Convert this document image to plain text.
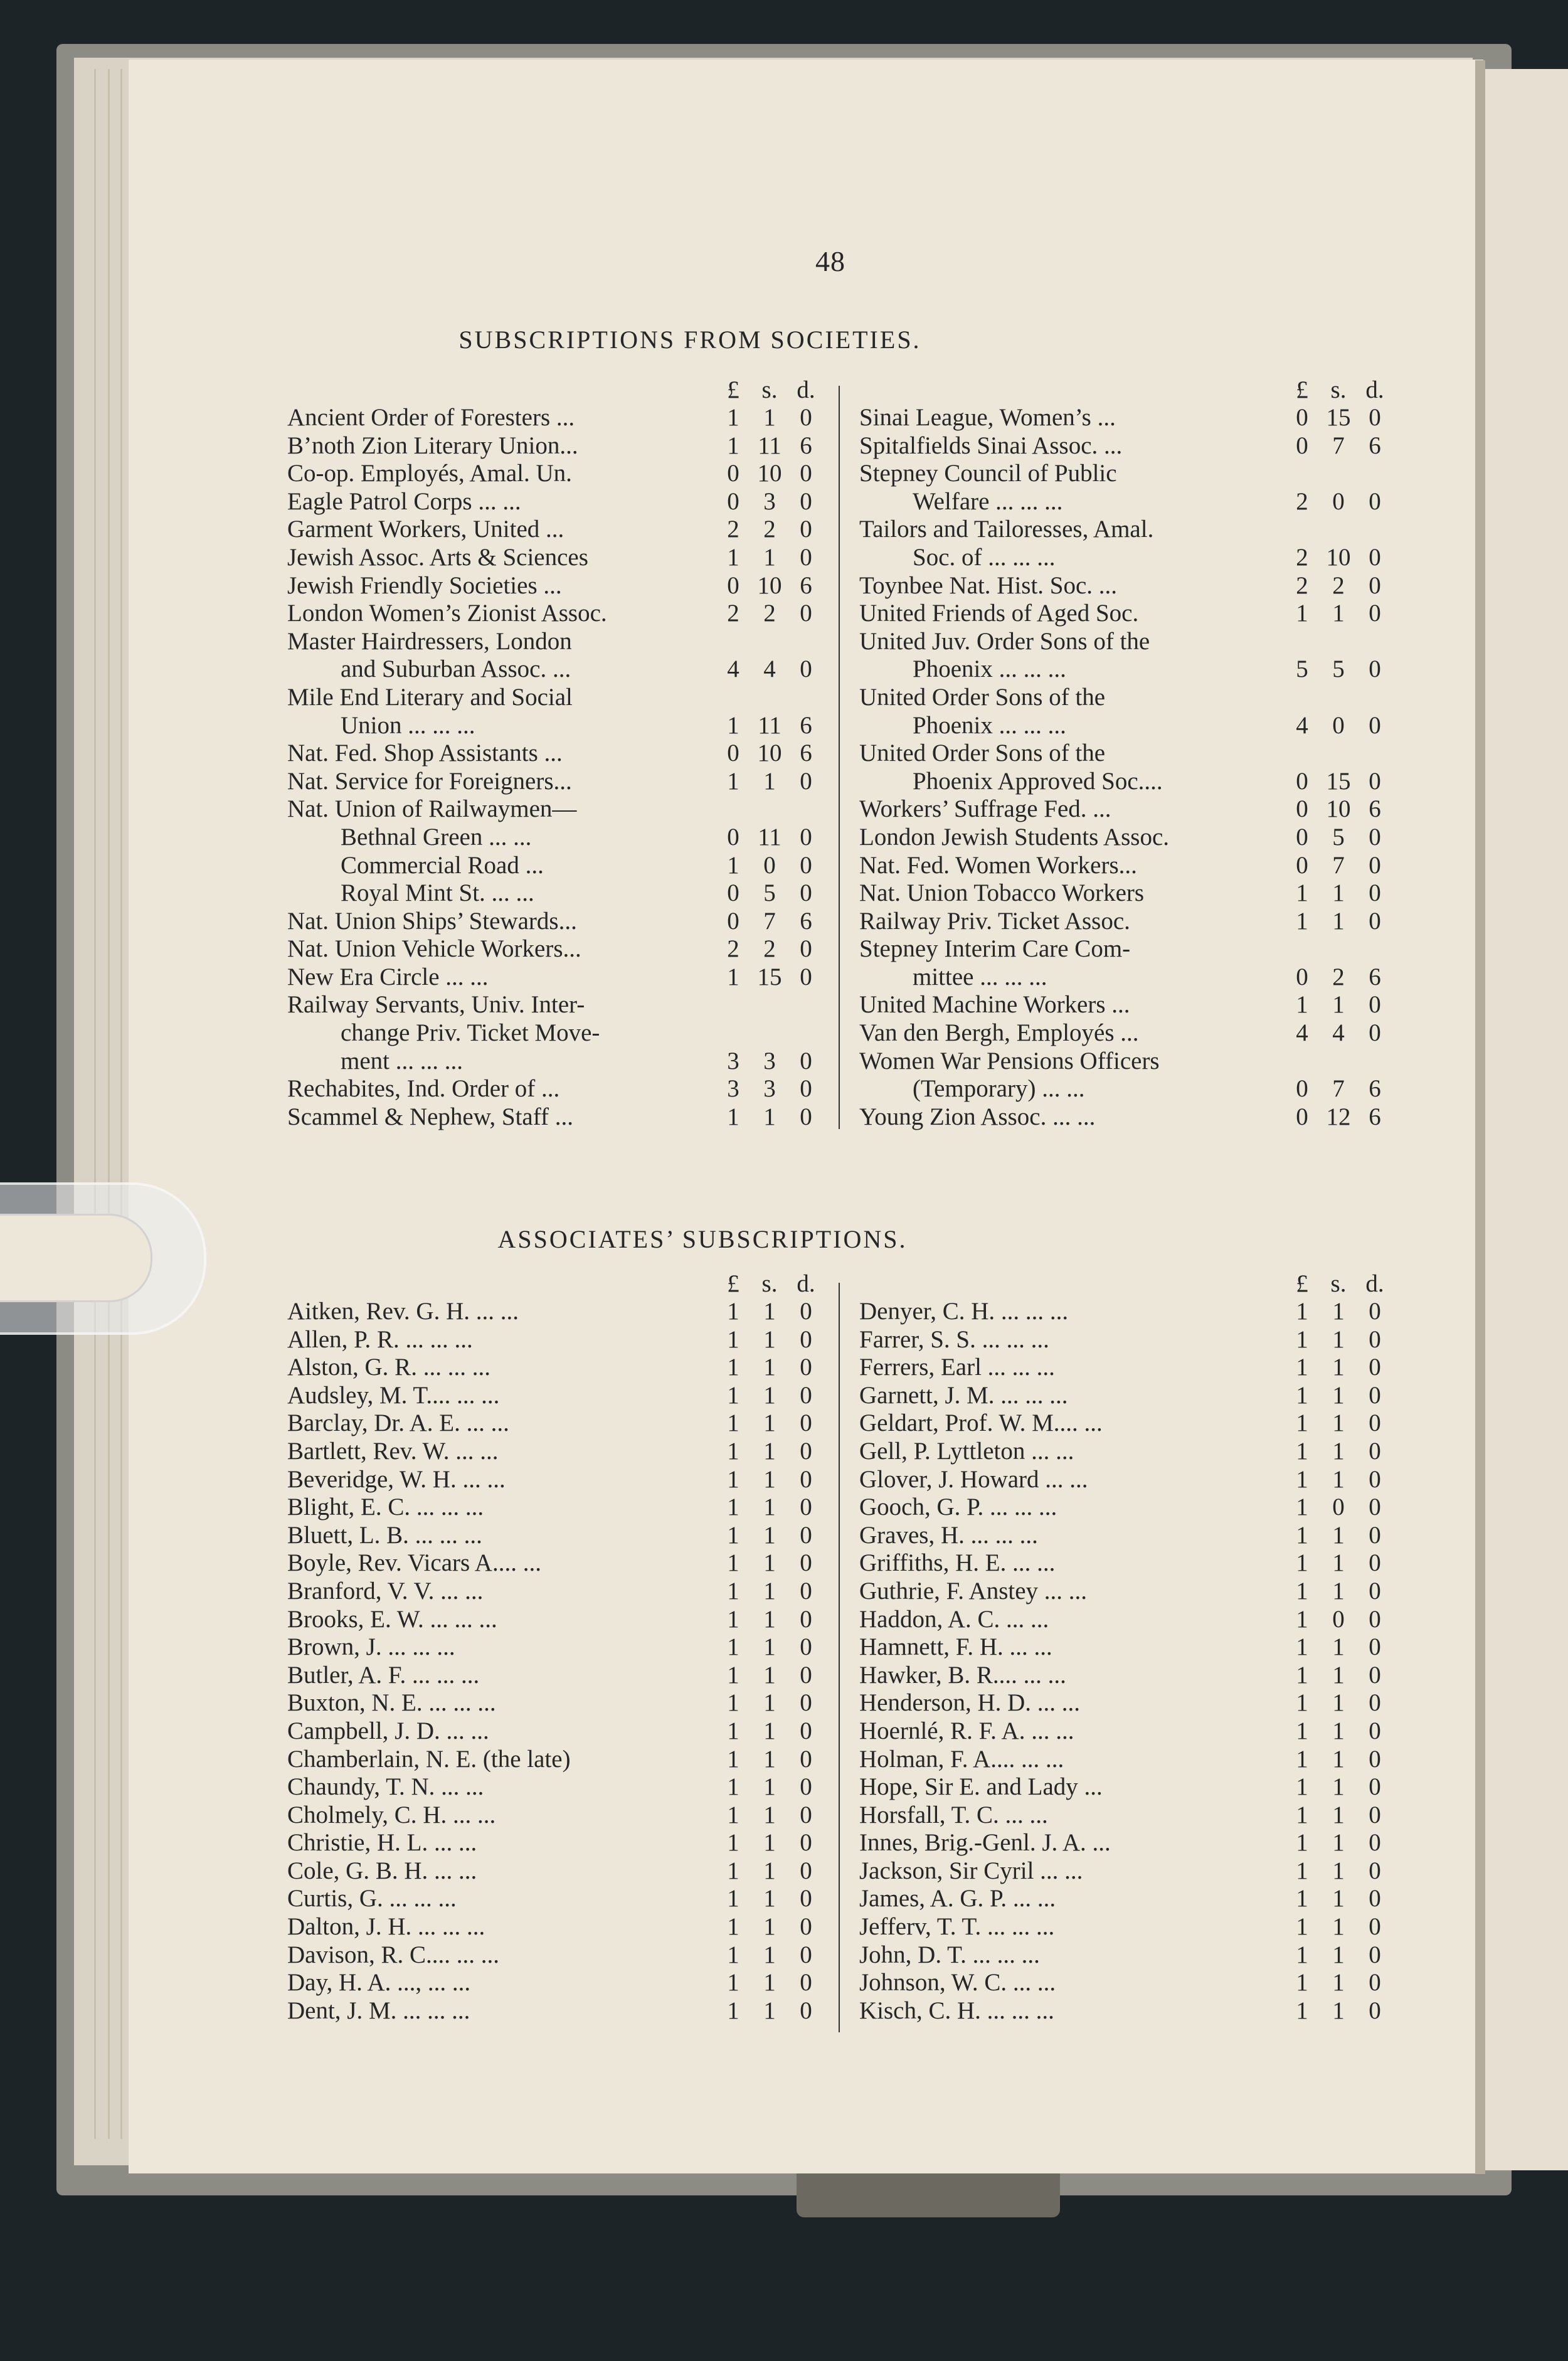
48
SUBSCRIPTIONS FROM SOCIETIES.
£ s. d.
Ancient Order of Foresters ...	1 1 0
B’noth Zion Literary Union...	1 11 6
Co-op. Employés, Amal. Un.	0 10 0
Eagle Patrol Corps ... ...	0 3 0
Garment Workers, United ...	2 2 0
Jewish Assoc. Arts & Sciences	1 1 0
Jewish Friendly Societies ...	0 10 6
London Women’s Zionist Assoc.	2 2 0
Master Hairdressers, London
and Suburban Assoc. ...	4 4 0
Mile End Literary and Social
Union ... ... ...	1 11 6
Nat. Fed. Shop Assistants ...	0 10 6
Nat. Service for Foreigners...	1 1 0
Nat. Union of Railwaymen—
Bethnal Green ... ...	0 11 0
Commercial Road ...	1 0 0
Royal Mint St. ... ...	0 5 0
Nat. Union Ships’ Stewards...	0 7 6
Nat. Union Vehicle Workers...	2 2 0
New Era Circle ... ...	1 15 0
Railway Servants, Univ. Inter-
change Priv. Ticket Move-
ment ... ... ...	3 3 0
Rechabites, Ind. Order of ...	3 3 0
Scammel & Nephew, Staff ...	1 1 0
£ s. d.
Sinai League, Women’s ...	0 15 0
Spitalfields Sinai Assoc. ...	0 7 6
Stepney Council of Public
Welfare ... ... ...	2 0 0
Tailors and Tailoresses, Amal.
Soc. of ... ... ...	2 10 0
Toynbee Nat. Hist. Soc. ...	2 2 0
United Friends of Aged Soc.	1 1 0
United Juv. Order Sons of the
Phoenix ... ... ...	5 5 0
United Order Sons of the
Phoenix ... ... ...	4 0 0
United Order Sons of the
Phoenix Approved Soc....	0 15 0
Workers’ Suffrage Fed. ...	0 10 6
London Jewish Students Assoc.	0 5 0
Nat. Fed. Women Workers...	0 7 0
Nat. Union Tobacco Workers	1 1 0
Railway Priv. Ticket Assoc.	1 1 0
Stepney Interim Care Com-
mittee ... ... ...	0 2 6
United Machine Workers ...	1 1 0
Van den Bergh, Employés ...	4 4 0
Women War Pensions Officers
(Temporary) ... ...	0 7 6
Young Zion Assoc. ... ...	0 12 6
ASSOCIATES’ SUBSCRIPTIONS.
£ s. d.
Aitken, Rev. G. H. ... ...	1 1 0
Allen, P. R. ... ... ...	1 1 0
Alston, G. R. ... ... ...	1 1 0
Audsley, M. T.... ... ...	1 1 0
Barclay, Dr. A. E. ... ...	1 1 0
Bartlett, Rev. W. ... ...	1 1 0
Beveridge, W. H. ... ...	1 1 0
Blight, E. C. ... ... ...	1 1 0
Bluett, L. B. ... ... ...	1 1 0
Boyle, Rev. Vicars A.... ...	1 1 0
Branford, V. V. ... ...	1 1 0
Brooks, E. W. ... ... ...	1 1 0
Brown, J. ... ... ...	1 1 0
Butler, A. F. ... ... ...	1 1 0
Buxton, N. E. ... ... ...	1 1 0
Campbell, J. D. ... ...	1 1 0
Chamberlain, N. E. (the late)	1 1 0
Chaundy, T. N. ... ...	1 1 0
Cholmely, C. H. ... ...	1 1 0
Christie, H. L. ... ...	1 1 0
Cole, G. B. H. ... ...	1 1 0
Curtis, G. ... ... ...	1 1 0
Dalton, J. H. ... ... ...	1 1 0
Davison, R. C.... ... ...	1 1 0
Day, H. A. ..., ... ...	1 1 0
Dent, J. M. ... ... ...	1 1 0
£ s. d.
Denyer, C. H. ... ... ...	1 1 0
Farrer, S. S. ... ... ...	1 1 0
Ferrers, Earl ... ... ...	1 1 0
Garnett, J. M. ... ... ...	1 1 0
Geldart, Prof. W. M.... ...	1 1 0
Gell, P. Lyttleton ... ...	1 1 0
Glover, J. Howard ... ...	1 1 0
Gooch, G. P. ... ... ...	1 0 0
Graves, H. ... ... ...	1 1 0
Griffiths, H. E. ... ...	1 1 0
Guthrie, F. Anstey ... ...	1 1 0
Haddon, A. C. ... ...	1 0 0
Hamnett, F. H. ... ...	1 1 0
Hawker, B. R.... ... ...	1 1 0
Henderson, H. D. ... ...	1 1 0
Hoernlé, R. F. A. ... ...	1 1 0
Holman, F. A.... ... ...	1 1 0
Hope, Sir E. and Lady ...	1 1 0
Horsfall, T. C. ... ...	1 1 0
Innes, Brig.-Genl. J. A. ...	1 1 0
Jackson, Sir Cyril ... ...	1 1 0
James, A. G. P. ... ...	1 1 0
Jefferv, T. T. ... ... ...	1 1 0
John, D. T. ... ... ...	1 1 0
Johnson, W. C. ... ...	1 1 0
Kisch, C. H. ... ... ...	1 1 0
